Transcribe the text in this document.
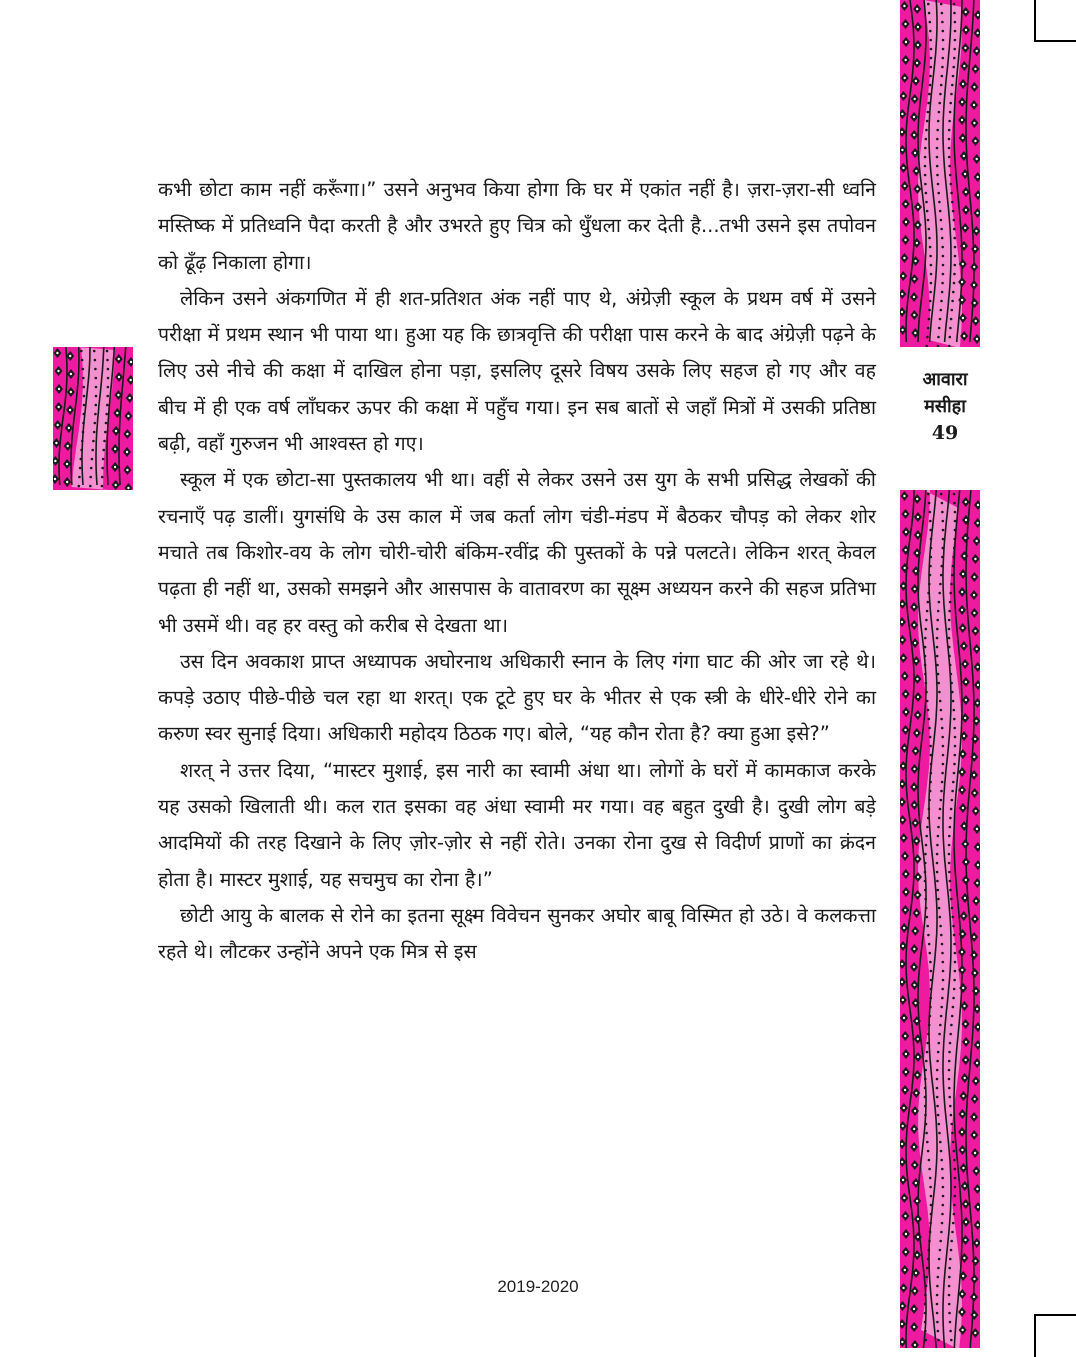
आवारा
मसीहा
49

कभी छोटा काम नहीं करूँगा।” उसने अनुभव किया होगा कि घर में एकांत नहीं है। ज़रा-ज़रा-सी ध्वनि मस्तिष्क में प्रतिध्वनि पैदा करती है और उभरते हुए चित्र को धुँधला कर देती है...तभी उसने इस तपोवन को ढूँढ़ निकाला होगा।

लेकिन उसने अंकगणित में ही शत-प्रतिशत अंक नहीं पाए थे, अंग्रेज़ी स्कूल के प्रथम वर्ष में उसने परीक्षा में प्रथम स्थान भी पाया था। हुआ यह कि छात्रवृत्ति की परीक्षा पास करने के बाद अंग्रेज़ी पढ़ने के लिए उसे नीचे की कक्षा में दाखिल होना पड़ा, इसलिए दूसरे विषय उसके लिए सहज हो गए और वह बीच में ही एक वर्ष लाँघकर ऊपर की कक्षा में पहुँच गया। इन सब बातों से जहाँ मित्रों में उसकी प्रतिष्ठा बढ़ी, वहाँ गुरुजन भी आश्वस्त हो गए।

स्कूल में एक छोटा-सा पुस्तकालय भी था। वहीं से लेकर उसने उस युग के सभी प्रसिद्ध लेखकों की रचनाएँ पढ़ डालीं। युगसंधि के उस काल में जब कर्ता लोग चंडी-मंडप में बैठकर चौपड़ को लेकर शोर मचाते तब किशोर-वय के लोग चोरी-चोरी बंकिम-रवींद्र की पुस्तकों के पन्ने पलटते। लेकिन शरत् केवल पढ़ता ही नहीं था, उसको समझने और आसपास के वातावरण का सूक्ष्म अध्ययन करने की सहज प्रतिभा भी उसमें थी। वह हर वस्तु को करीब से देखता था।

उस दिन अवकाश प्राप्त अध्यापक अघोरनाथ अधिकारी स्नान के लिए गंगा घाट की ओर जा रहे थे। कपड़े उठाए पीछे-पीछे चल रहा था शरत्। एक टूटे हुए घर के भीतर से एक स्त्री के धीरे-धीरे रोने का करुण स्वर सुनाई दिया। अधिकारी महोदय ठिठक गए। बोले, “यह कौन रोता है? क्या हुआ इसे?”

शरत् ने उत्तर दिया, “मास्टर मुशाई, इस नारी का स्वामी अंधा था। लोगों के घरों में कामकाज करके यह उसको खिलाती थी। कल रात इसका वह अंधा स्वामी मर गया। वह बहुत दुखी है। दुखी लोग बड़े आदमियों की तरह दिखाने के लिए ज़ोर-ज़ोर से नहीं रोते। उनका रोना दुख से विदीर्ण प्राणों का क्रंदन होता है। मास्टर मुशाई, यह सचमुच का रोना है।”

छोटी आयु के बालक से रोने का इतना सूक्ष्म विवेचन सुनकर अघोर बाबू विस्मित हो उठे। वे कलकत्ता रहते थे। लौटकर उन्होंने अपने एक मित्र से इस

2019-2020
